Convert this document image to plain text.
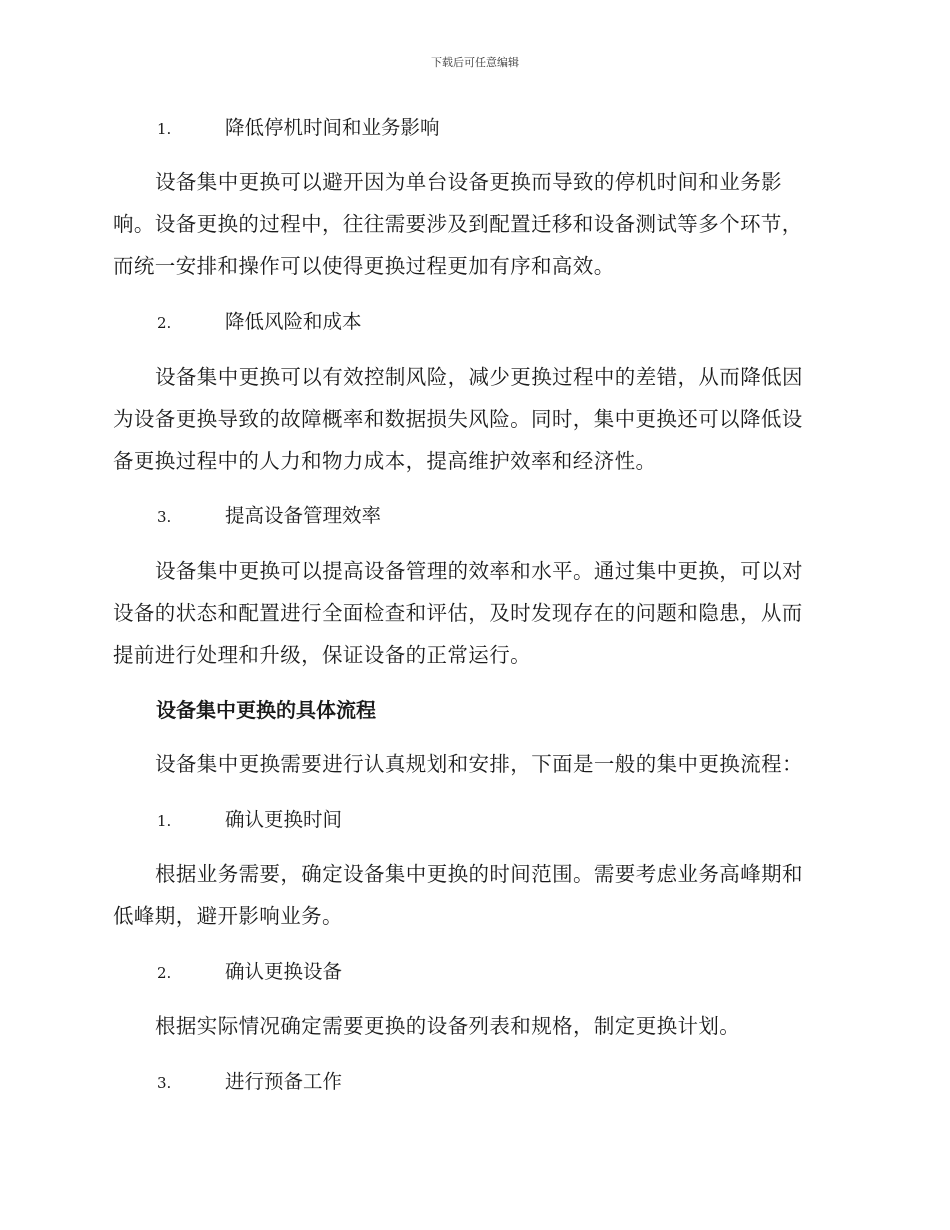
下载后可任意编辑
1.	降低停机时间和业务影响
设备集中更换可以避开因为单台设备更换而导致的停机时间和业务影
响。设备更换的过程中，往往需要涉及到配置迁移和设备测试等多个环节，
而统一安排和操作可以使得更换过程更加有序和高效。
2.	降低风险和成本
设备集中更换可以有效控制风险，减少更换过程中的差错，从而降低因
为设备更换导致的故障概率和数据损失风险。同时，集中更换还可以降低设
备更换过程中的人力和物力成本，提高维护效率和经济性。
3.	提高设备管理效率
设备集中更换可以提高设备管理的效率和水平。通过集中更换，可以对
设备的状态和配置进行全面检查和评估，及时发现存在的问题和隐患，从而
提前进行处理和升级，保证设备的正常运行。
设备集中更换的具体流程
设备集中更换需要进行认真规划和安排，下面是一般的集中更换流程：
1.	确认更换时间
根据业务需要，确定设备集中更换的时间范围。需要考虑业务高峰期和
低峰期，避开影响业务。
2.	确认更换设备
根据实际情况确定需要更换的设备列表和规格，制定更换计划。
3.	进行预备工作
